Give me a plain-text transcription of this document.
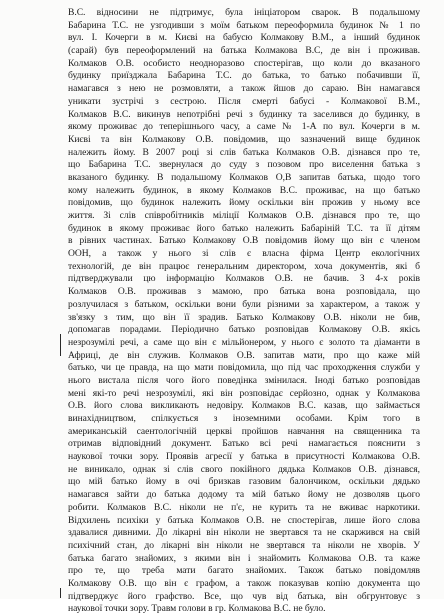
В.С. відносини не підтримує, була ініціатором сварок. В подальшому
Бабарина Т.С. не узгодивши з моїм батьком переоформила будинок № 1 по
вул. І. Кочерги в м. Києві на бабусю Колмакову В.М., а інший будинок
(сарай) був переоформлений на батька Колмакова В.С, де він і проживав.
Колмаков О.В. особисто неодноразово спостерігав, що коли до вказаного
будинку приїзджала Бабарина Т.С. до батька, то батько побачивши її,
намагався з нею не розмовляти, а також йшов до сараю. Він намагався
уникати зустрічі з сестрою. Після смерті бабусі - Колмакової В.М.,
Колмаков В.С. викинув непотрібні речі з будинку та заселився до будинку, в
якому проживає до теперішнього часу, а саме № 1-А по вул. Кочерги в м.
Києві та він Колмакову О.В. повідомив, що зазначений вище будинок
належить йому. В 2007 році зі слів батька Колмаков О.В. дізнався про те,
що Бабарина Т.С. звернулася до суду з позовом про виселення батька з
вказаного будинку. В подальшому Колмаков О,В запитав батька, щодо того
кому належить будинок, в якому Колмаков В.С. проживає, на що батько
повідомив, що будинок належить йому оскільки він прожив у ньому все
життя. Зі слів співробітників міліції Колмаков О.В. дізнався про те, що
будинок в якому проживає його батько належить Бабаріній Т.С. та її дітям
в рівних частинах. Батько Колмакову О.В повідомив йому що він є членом
ООН, а також у нього зі слів є власна фірма Центр екологічних
технологій, де він працює генеральним директором, хоча документів, які б
підтверджували цю інформацію Колмаков О.В. не бачив. З 4-х років
Колмаков О.В. проживав з мамою, про батька вона розповідала, що
розлучилася з батьком, оскільки вони були різними за характером, а також у
зв'язку з тим, що він її зрадив. Батько Колмакову О.В. ніколи не бив,
допомагав порадами. Періодично батько розповідав Колмакову О.В. якісь
незрозумілі речі, а саме що він є мільйонером, у нього є золото та діаманти в
Африці, де він служив. Колмаков О.В. запитав мати, про що каже мій
батько, чи це правда, на що мати повідомила, що під час проходження служби у
нього вистала після чого його поведінка змінилася. Іноді батько розповідав
мені які-то речі незрозумілі, які він розповідає серйозно, однак у Колмакова
О.В. його слова викликають недовіру. Колмаков В.С. казав, що займається
винахідництвом, спілкується з іноземними особами. Крім того в
американській саентологічній церкві пройшов навчання на священника та
отримав відповідний документ. Батько всі речі намагається пояснити з
наукової точки зору. Проявів агресії у батька в присутності Колмакова О.В.
не виникало, однак зі слів свого покійного дядька Колмаков О.В. дізнався,
що мій батько йому в очі бризкав газовим балончиком, оскільки дядько
намагався зайти до батька додому та мій батько йому не дозволяв цього
робити. Колмаков В.С. ніколи не п'є, не курить та не вживає наркотики.
Відхилень психіки у батька Колмаков О.В. не спостерігав, лише його слова
здавалися дивними. До лікарні він ніколи не звертався та не скаржився на свій
психічний стан, до лікарні він ніколи не звертався та ніколи не хворів. У
батька багато знайомих, з якими він і знайомить Колмакова О.В. та каже
про те, що треба мати багато знайомих. Також батько повідомляв
Колмакову О.В. що він є графом, а також показував копію документа що
підтверджує його графство. Все, що чув від батька, він обгрунтовує з
наукової точки зору. Травм голови в гр. Колмакова В.С. не було.
